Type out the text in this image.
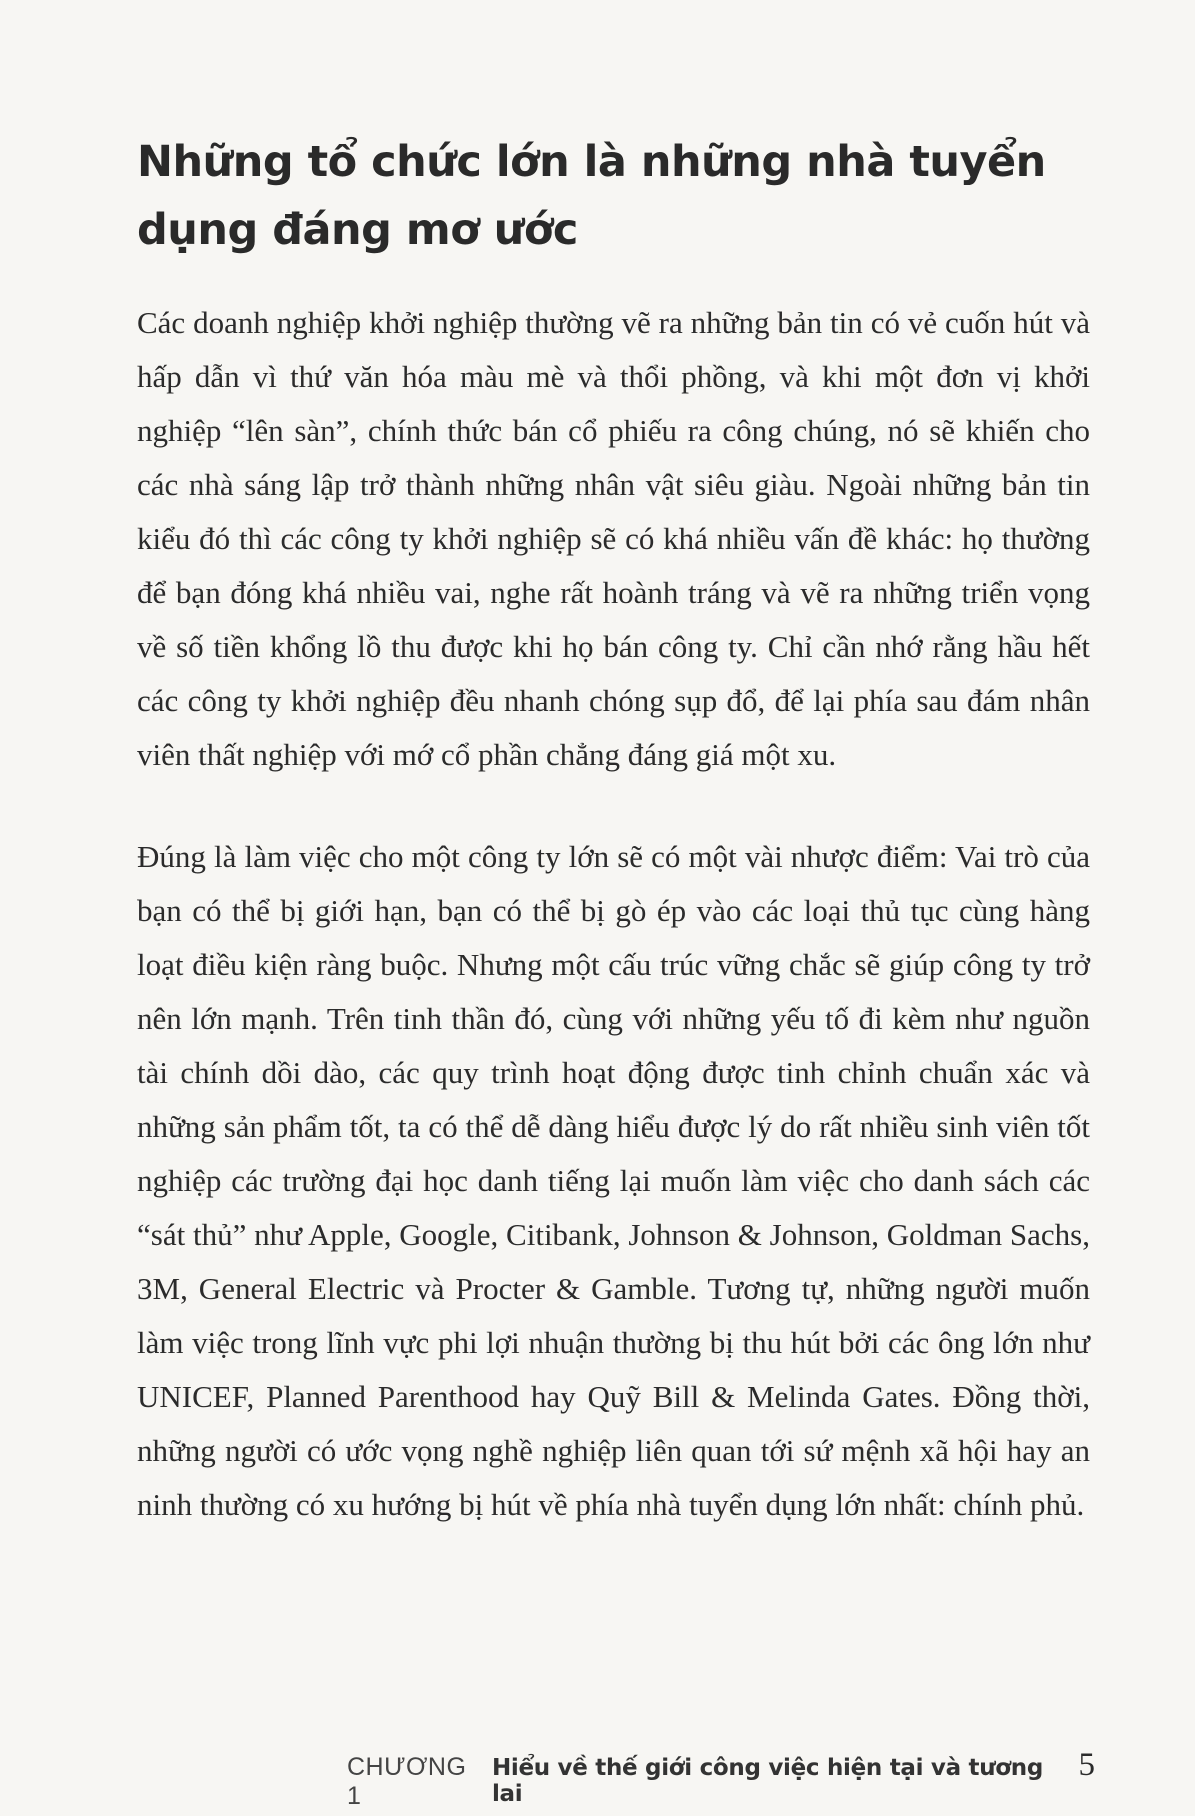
Những tổ chức lớn là những nhà tuyển dụng đáng mơ ước

Các doanh nghiệp khởi nghiệp thường vẽ ra những bản tin có vẻ cuốn hút và hấp dẫn vì thứ văn hóa màu mè và thổi phồng, và khi một đơn vị khởi nghiệp “lên sàn”, chính thức bán cổ phiếu ra công chúng, nó sẽ khiến cho các nhà sáng lập trở thành những nhân vật siêu giàu. Ngoài những bản tin kiểu đó thì các công ty khởi nghiệp sẽ có khá nhiều vấn đề khác: họ thường để bạn đóng khá nhiều vai, nghe rất hoành tráng và vẽ ra những triển vọng về số tiền khổng lồ thu được khi họ bán công ty. Chỉ cần nhớ rằng hầu hết các công ty khởi nghiệp đều nhanh chóng sụp đổ, để lại phía sau đám nhân viên thất nghiệp với mớ cổ phần chẳng đáng giá một xu.

Đúng là làm việc cho một công ty lớn sẽ có một vài nhược điểm: Vai trò của bạn có thể bị giới hạn, bạn có thể bị gò ép vào các loại thủ tục cùng hàng loạt điều kiện ràng buộc. Nhưng một cấu trúc vững chắc sẽ giúp công ty trở nên lớn mạnh. Trên tinh thần đó, cùng với những yếu tố đi kèm như nguồn tài chính dồi dào, các quy trình hoạt động được tinh chỉnh chuẩn xác và những sản phẩm tốt, ta có thể dễ dàng hiểu được lý do rất nhiều sinh viên tốt nghiệp các trường đại học danh tiếng lại muốn làm việc cho danh sách các “sát thủ” như Apple, Google, Citibank, Johnson & Johnson, Goldman Sachs, 3M, General Electric và Procter & Gamble. Tương tự, những người muốn làm việc trong lĩnh vực phi lợi nhuận thường bị thu hút bởi các ông lớn như UNICEF, Planned Parenthood hay Quỹ Bill & Melinda Gates. Đồng thời, những người có ước vọng nghề nghiệp liên quan tới sứ mệnh xã hội hay an ninh thường có xu hướng bị hút về phía nhà tuyển dụng lớn nhất: chính phủ.

CHƯƠNG 1
Hiểu về thế giới công việc hiện tại và tương lai
5
